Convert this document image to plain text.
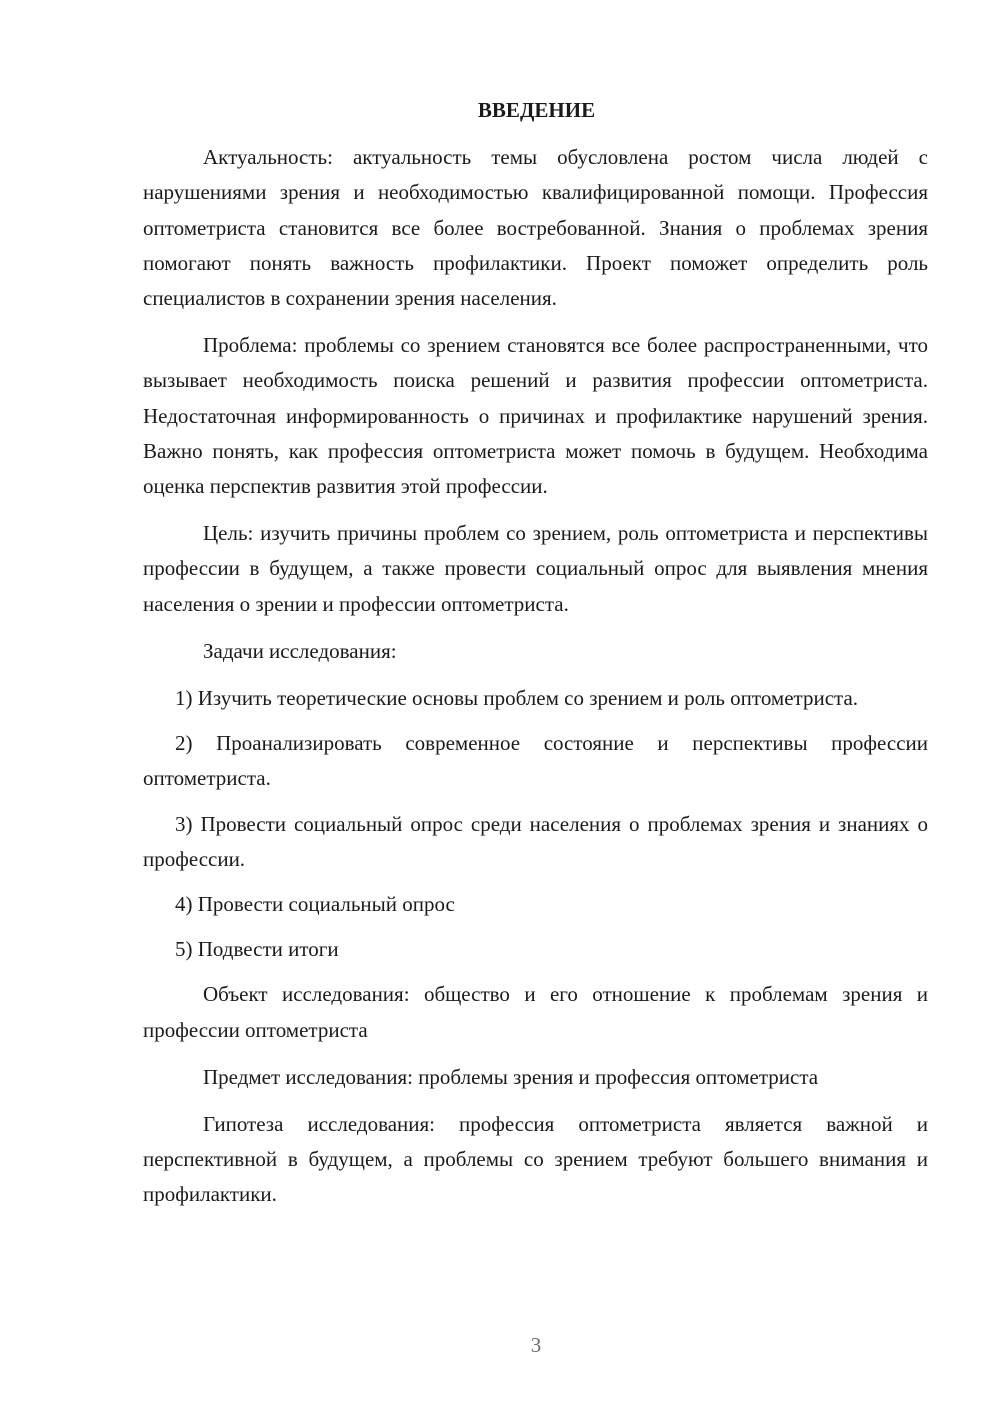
ВВЕДЕНИЕ

Актуальность: актуальность темы обусловлена ростом числа людей с нарушениями зрения и необходимостью квалифицированной помощи. Профессия оптометриста становится все более востребованной. Знания о проблемах зрения помогают понять важность профилактики. Проект поможет определить роль специалистов в сохранении зрения населения.

Проблема: проблемы со зрением становятся все более распространенными, что вызывает необходимость поиска решений и развития профессии оптометриста. Недостаточная информированность о причинах и профилактике нарушений зрения. Важно понять, как профессия оптометриста может помочь в будущем. Необходима оценка перспектив развития этой профессии.

Цель: изучить причины проблем со зрением, роль оптометриста и перспективы профессии в будущем, а также провести социальный опрос для выявления мнения населения о зрении и профессии оптометриста.

Задачи исследования:

1) Изучить теоретические основы проблем со зрением и роль оптометриста.

2) Проанализировать современное состояние и перспективы профессии оптометриста.

3) Провести социальный опрос среди населения о проблемах зрения и знаниях о профессии.

4) Провести социальный опрос

5) Подвести итоги

Объект исследования: общество и его отношение к проблемам зрения и профессии оптометриста

Предмет исследования: проблемы зрения и профессия оптометриста

Гипотеза исследования: профессия оптометриста является важной и перспективной в будущем, а проблемы со зрением требуют большего внимания и профилактики.

3
